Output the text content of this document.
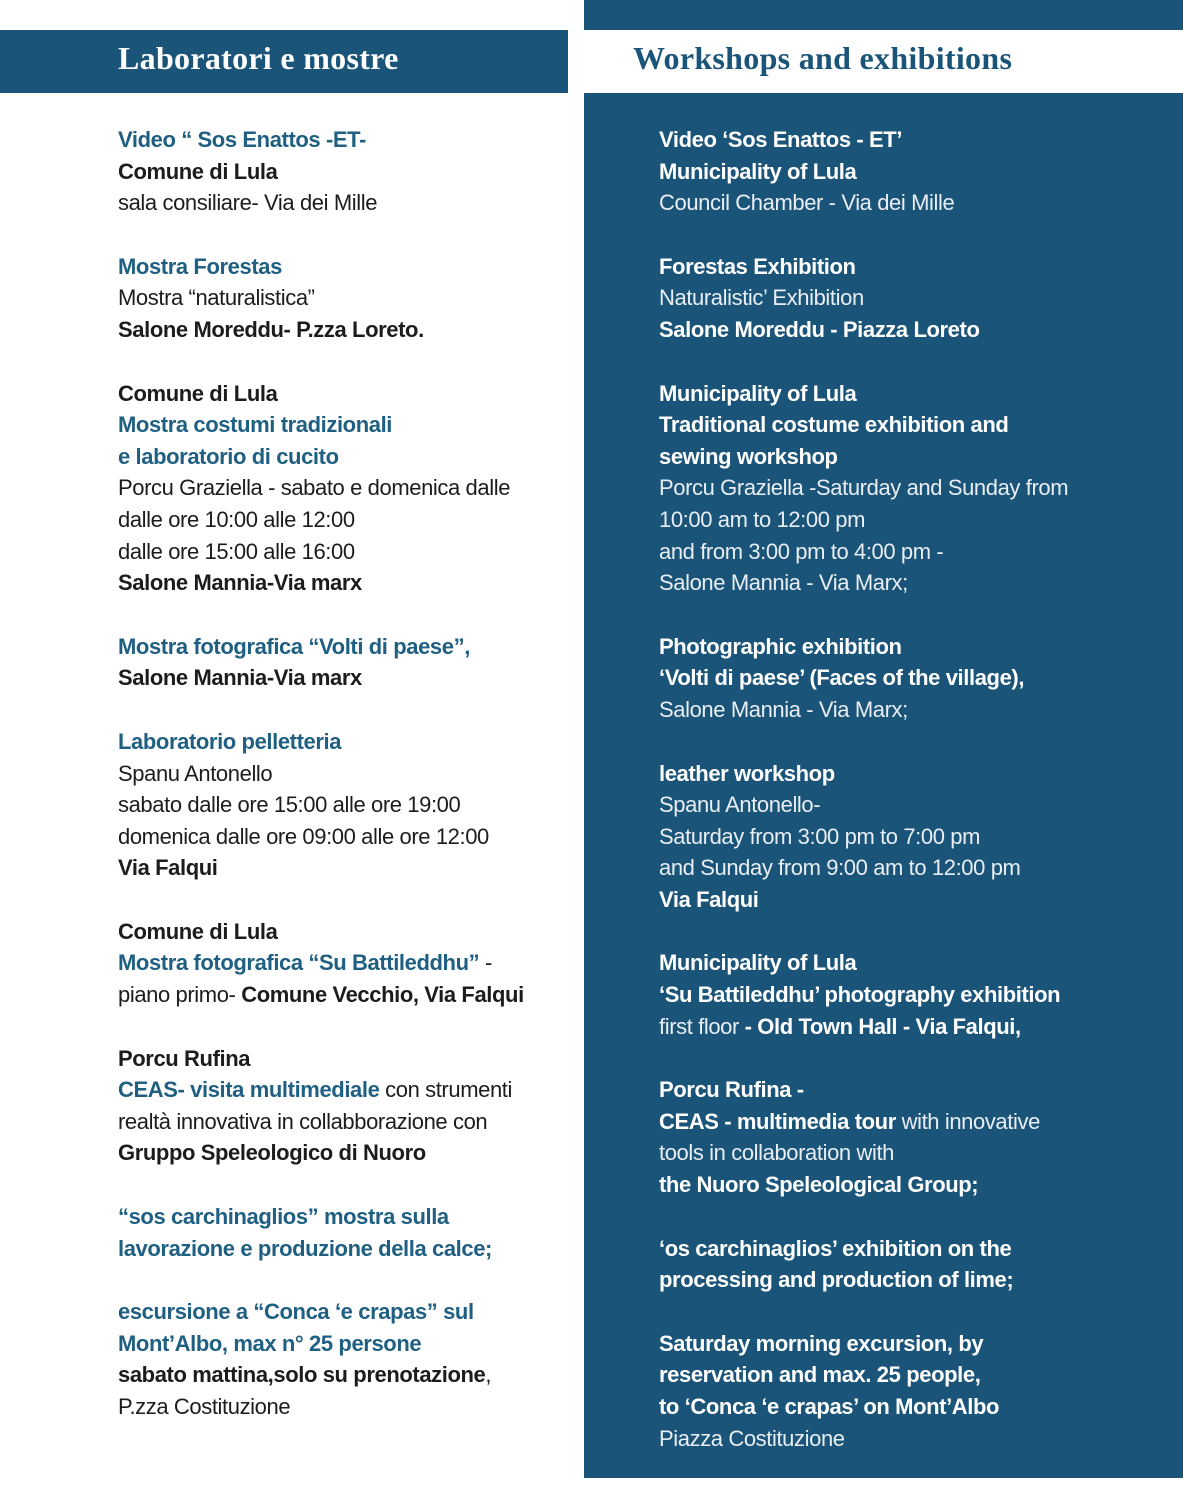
Laboratori e mostre	Workshops and exhibitions
Video “ Sos Enattos -ET-
Comune di Lula
sala consiliare- Via dei Mille
Mostra Forestas
Mostra “naturalistica”
Salone Moreddu- P.zza Loreto.
Comune di Lula
Mostra costumi tradizionali
e laboratorio di cucito
Porcu Graziella - sabato e domenica dalle
dalle ore 10:00 alle 12:00
dalle ore 15:00 alle 16:00
Salone Mannia-Via marx
Mostra fotografica “Volti di paese”,
Salone Mannia-Via marx
Laboratorio pelletteria
Spanu Antonello
sabato dalle ore 15:00 alle ore 19:00
domenica dalle ore 09:00 alle ore 12:00
Via Falqui
Comune di Lula
Mostra fotografica “Su Battileddhu” -
piano primo- Comune Vecchio, Via Falqui
Porcu Rufina
CEAS- visita multimediale con strumenti
realtà innovativa in collabborazione con
Gruppo Speleologico di Nuoro
“sos carchinaglios” mostra sulla
lavorazione e produzione della calce;
escursione a “Conca ‘e crapas” sul
Mont’Albo, max n° 25 persone
sabato mattina,solo su prenotazione,
P.zza Costituzione
Video ‘Sos Enattos - ET’
Municipality of Lula
Council Chamber - Via dei Mille
Forestas Exhibition
Naturalistic’ Exhibition
Salone Moreddu - Piazza Loreto
Municipality of Lula
Traditional costume exhibition and
sewing workshop
Porcu Graziella -Saturday and Sunday from
10:00 am to 12:00 pm
and from 3:00 pm to 4:00 pm -
Salone Mannia - Via Marx;
Photographic exhibition
‘Volti di paese’ (Faces of the village),
Salone Mannia - Via Marx;
leather workshop
Spanu Antonello-
Saturday from 3:00 pm to 7:00 pm
and Sunday from 9:00 am to 12:00 pm
Via Falqui
Municipality of Lula
‘Su Battileddhu’ photography exhibition
first floor - Old Town Hall - Via Falqui,
Porcu Rufina -
CEAS - multimedia tour with innovative
tools in collaboration with
the Nuoro Speleological Group;
‘os carchinaglios’ exhibition on the
processing and production of lime;
Saturday morning excursion, by
reservation and max. 25 people,
to ‘Conca ‘e crapas’ on Mont’Albo
Piazza Costituzione
